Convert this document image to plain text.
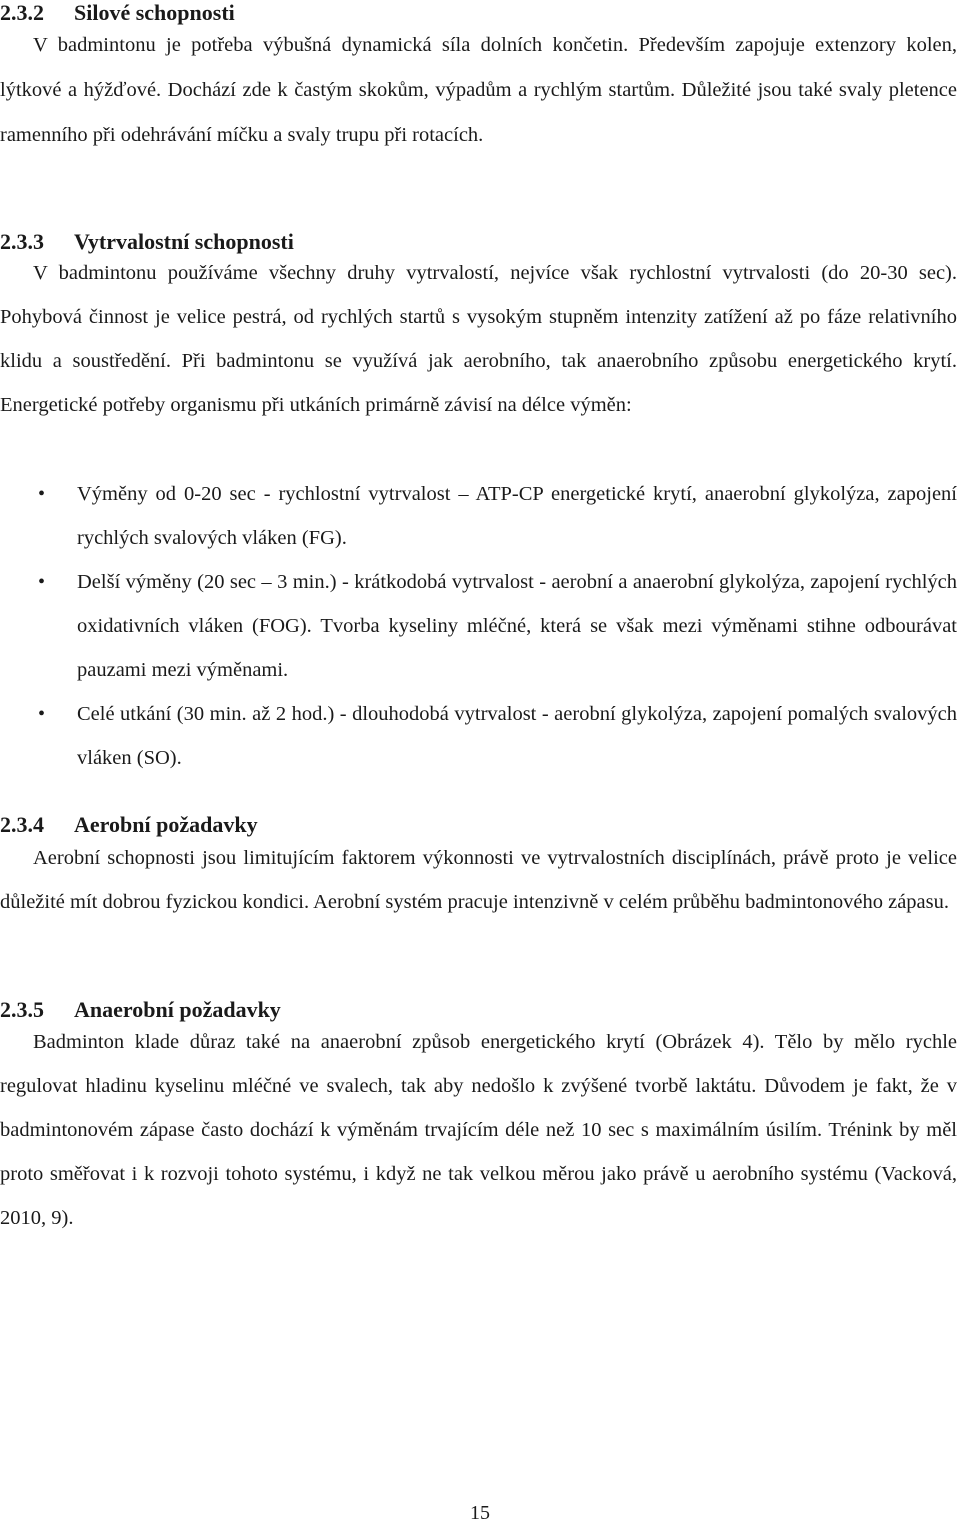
2.3.2 Silové schopnosti

V badmintonu je potřeba výbušná dynamická síla dolních končetin. Především zapojuje extenzory kolen, lýtkové a hýžďové. Dochází zde k častým skokům, výpadům a rychlým startům. Důležité jsou také svaly pletence ramenního při odehrávání míčku a svaly trupu při rotacích.

2.3.3 Vytrvalostní schopnosti

V badmintonu používáme všechny druhy vytrvalostí, nejvíce však rychlostní vytrvalosti (do 20-30 sec). Pohybová činnost je velice pestrá, od rychlých startů s vysokým stupněm intenzity zatížení až po fáze relativního klidu a soustředění. Při badmintonu se využívá jak aerobního, tak anaerobního způsobu energetického krytí. Energetické potřeby organismu při utkáních primárně závisí na délce výměn:

• Výměny od 0-20 sec - rychlostní vytrvalost – ATP-CP energetické krytí, anaerobní glykolýza, zapojení rychlých svalových vláken (FG).
• Delší výměny (20 sec – 3 min.) - krátkodobá vytrvalost - aerobní a anaerobní glykolýza, zapojení rychlých oxidativních vláken (FOG). Tvorba kyseliny mléčné, která se však mezi výměnami stihne odbourávat pauzami mezi výměnami.
• Celé utkání (30 min. až 2 hod.) - dlouhodobá vytrvalost - aerobní glykolýza, zapojení pomalých svalových vláken (SO).
2.3.4 Aerobní požadavky

Aerobní schopnosti jsou limitujícím faktorem výkonnosti ve vytrvalostních disciplínách, právě proto je velice důležité mít dobrou fyzickou kondici. Aerobní systém pracuje intenzivně v celém průběhu badmintonového zápasu.

2.3.5 Anaerobní požadavky

Badminton klade důraz také na anaerobní způsob energetického krytí (Obrázek 4). Tělo by mělo rychle regulovat hladinu kyselinu mléčné ve svalech, tak aby nedošlo k zvýšené tvorbě laktátu. Důvodem je fakt, že v badmintonovém zápase často dochází k výměnám trvajícím déle než 10 sec s maximálním úsilím. Trénink by měl proto směřovat i k rozvoji tohoto systému, i když ne tak velkou měrou jako právě u aerobního systému (Vacková, 2010, 9).

15
